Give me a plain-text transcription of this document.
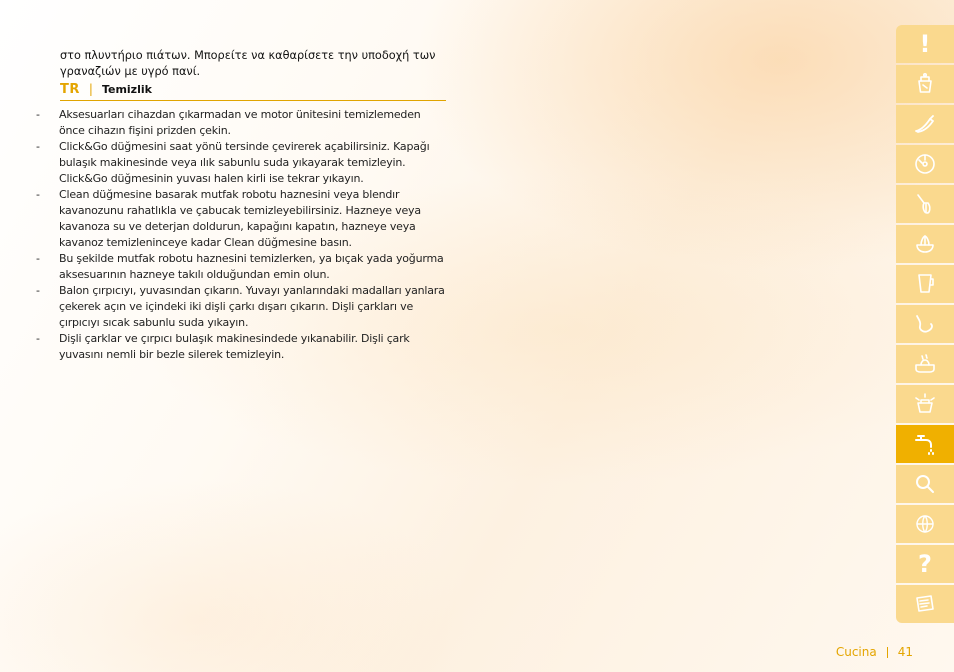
στο πλυντήριο πιάτων. Μπορείτε να καθαρίσετε την υποδοχή των γραναζιών με υγρό πανί.

TR | Temizlik
- Aksesuarları cihazdan çıkarmadan ve motor ünitesini temizlemeden önce cihazın fişini prizden çekin.
- Click&Go düğmesini saat yönü tersinde çevirerek açabilirsiniz. Kapağı bulaşık makinesinde veya ılık sabunlu suda yıkayarak temizleyin. Click&Go düğmesinin yuvası halen kirli ise tekrar yıkayın.
- Clean düğmesine basarak mutfak robotu haznesini veya blendır kavanozunu rahatlıkla ve çabucak temizleyebilirsiniz. Hazneye veya kavanoza su ve deterjan doldurun, kapağını kapatın, hazneye veya kavanoz temizleninceye kadar Clean düğmesine basın.
- Bu şekilde mutfak robotu haznesini temizlerken, ya bıçak yada yoğurma aksesuarının hazneye takılı olduğundan emin olun.
- Balon çırpıcıyı, yuvasından çıkarın. Yuvayı yanlarındaki madalları yanlara çekerek açın ve içindeki iki dişli çarkı dışarı çıkarın. Dişli çarkları ve çırpıcıyı sıcak sabunlu suda yıkayın.
- Dişli çarklar ve çırpıcı bulaşık makinesindede yıkanabilir. Dişli çark yuvasını nemli bir bezle silerek temizleyin.
!
?
Cucina 41
